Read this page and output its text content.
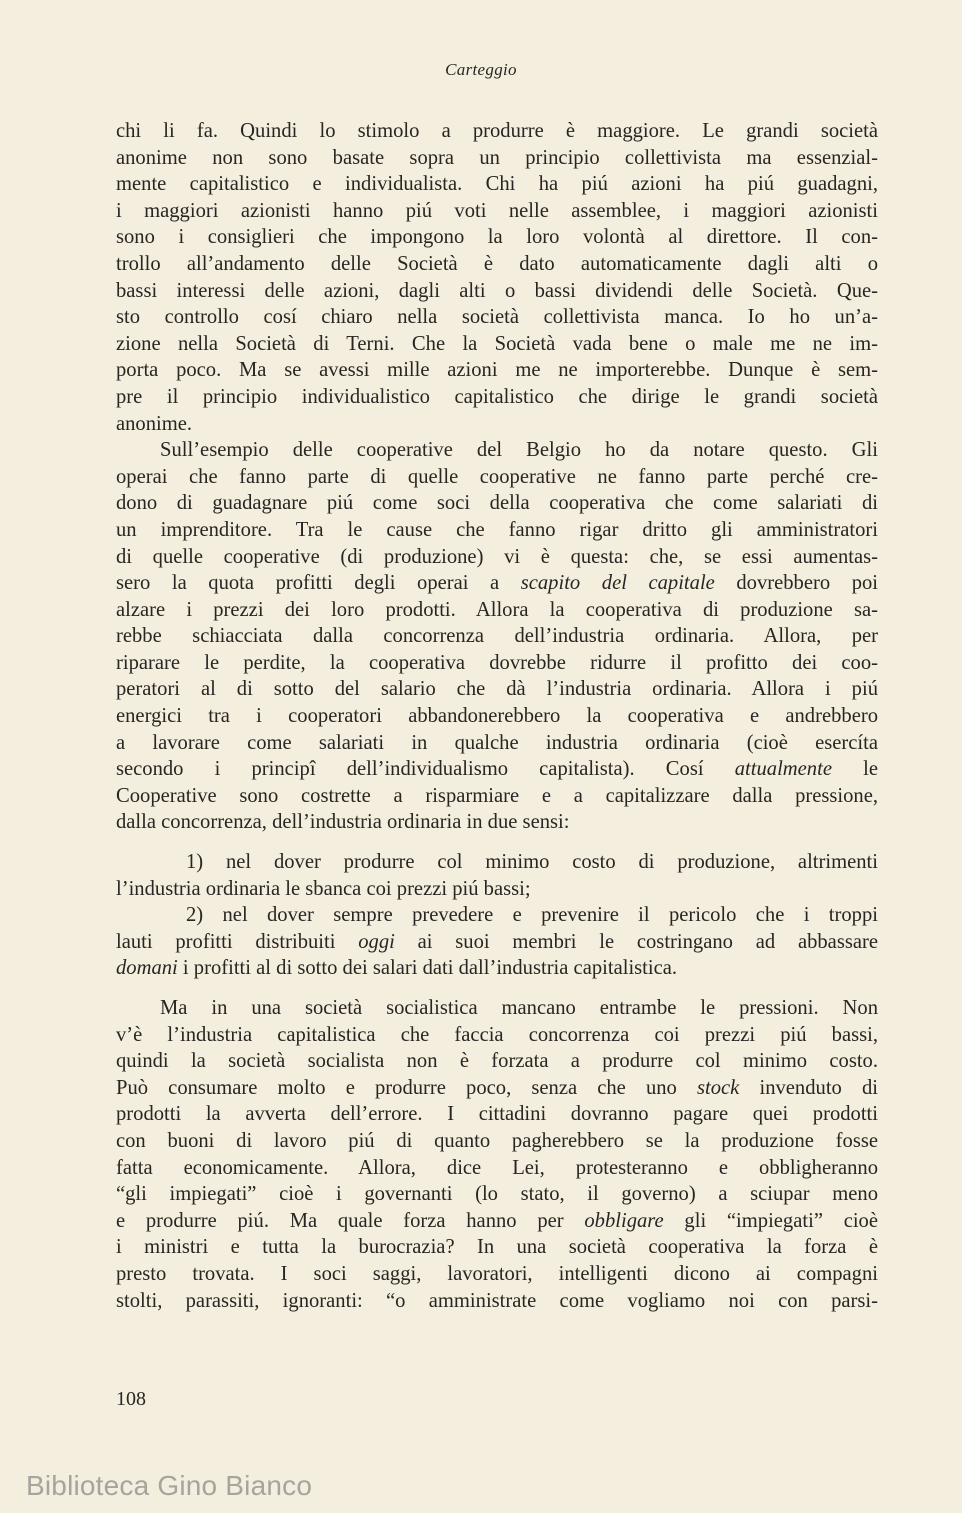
Carteggio

chi li fa. Quindi lo stimolo a produrre è maggiore. Le grandi società

anonime non sono basate sopra un principio collettivista ma essenzial-

mente capitalistico e individualista. Chi ha piú azioni ha piú guadagni,

i maggiori azionisti hanno piú voti nelle assemblee, i maggiori azionisti

sono i consiglieri che impongono la loro volontà al direttore. Il con-

trollo all’andamento delle Società è dato automaticamente dagli alti o

bassi interessi delle azioni, dagli alti o bassi dividendi delle Società. Que-

sto controllo cosí chiaro nella società collettivista manca. Io ho un’a-

zione nella Società di Terni. Che la Società vada bene o male me ne im-

porta poco. Ma se avessi mille azioni me ne importerebbe. Dunque è sem-

pre il principio individualistico capitalistico che dirige le grandi società

anonime.

Sull’esempio delle cooperative del Belgio ho da notare questo. Gli

operai che fanno parte di quelle cooperative ne fanno parte perché cre-

dono di guadagnare piú come soci della cooperativa che come salariati di

un imprenditore. Tra le cause che fanno rigar dritto gli amministratori

di quelle cooperative (di produzione) vi è questa: che, se essi aumentas-

sero la quota profitti degli operai a scapito del capitale dovrebbero poi

alzare i prezzi dei loro prodotti. Allora la cooperativa di produzione sa-

rebbe schiacciata dalla concorrenza dell’industria ordinaria. Allora, per

riparare le perdite, la cooperativa dovrebbe ridurre il profitto dei coo-

peratori al di sotto del salario che dà l’industria ordinaria. Allora i piú

energici tra i cooperatori abbandonerebbero la cooperativa e andrebbero

a lavorare come salariati in qualche industria ordinaria (cioè esercíta

secondo i principî dell’individualismo capitalista). Cosí attualmente le

Cooperative sono costrette a risparmiare e a capitalizzare dalla pressione,

dalla concorrenza, dell’industria ordinaria in due sensi:

1) nel dover produrre col minimo costo di produzione, altrimenti

l’industria ordinaria le sbanca coi prezzi piú bassi;

2) nel dover sempre prevedere e prevenire il pericolo che i troppi

lauti profitti distribuiti oggi ai suoi membri le costringano ad abbassare

domani i profitti al di sotto dei salari dati dall’industria capitalistica.

Ma in una società socialistica mancano entrambe le pressioni. Non

v’è l’industria capitalistica che faccia concorrenza coi prezzi piú bassi,

quindi la società socialista non è forzata a produrre col minimo costo.

Può consumare molto e produrre poco, senza che uno stock invenduto di

prodotti la avverta dell’errore. I cittadini dovranno pagare quei prodotti

con buoni di lavoro piú di quanto pagherebbero se la produzione fosse

fatta economicamente. Allora, dice Lei, protesteranno e obbligheranno

“gli impiegati” cioè i governanti (lo stato, il governo) a sciupar meno

e produrre piú. Ma quale forza hanno per obbligare gli “impiegati” cioè

i ministri e tutta la burocrazia? In una società cooperativa la forza è

presto trovata. I soci saggi, lavoratori, intelligenti dicono ai compagni

stolti, parassiti, ignoranti: “o amministrate come vogliamo noi con parsi-

108
Biblioteca Gino Bianco
